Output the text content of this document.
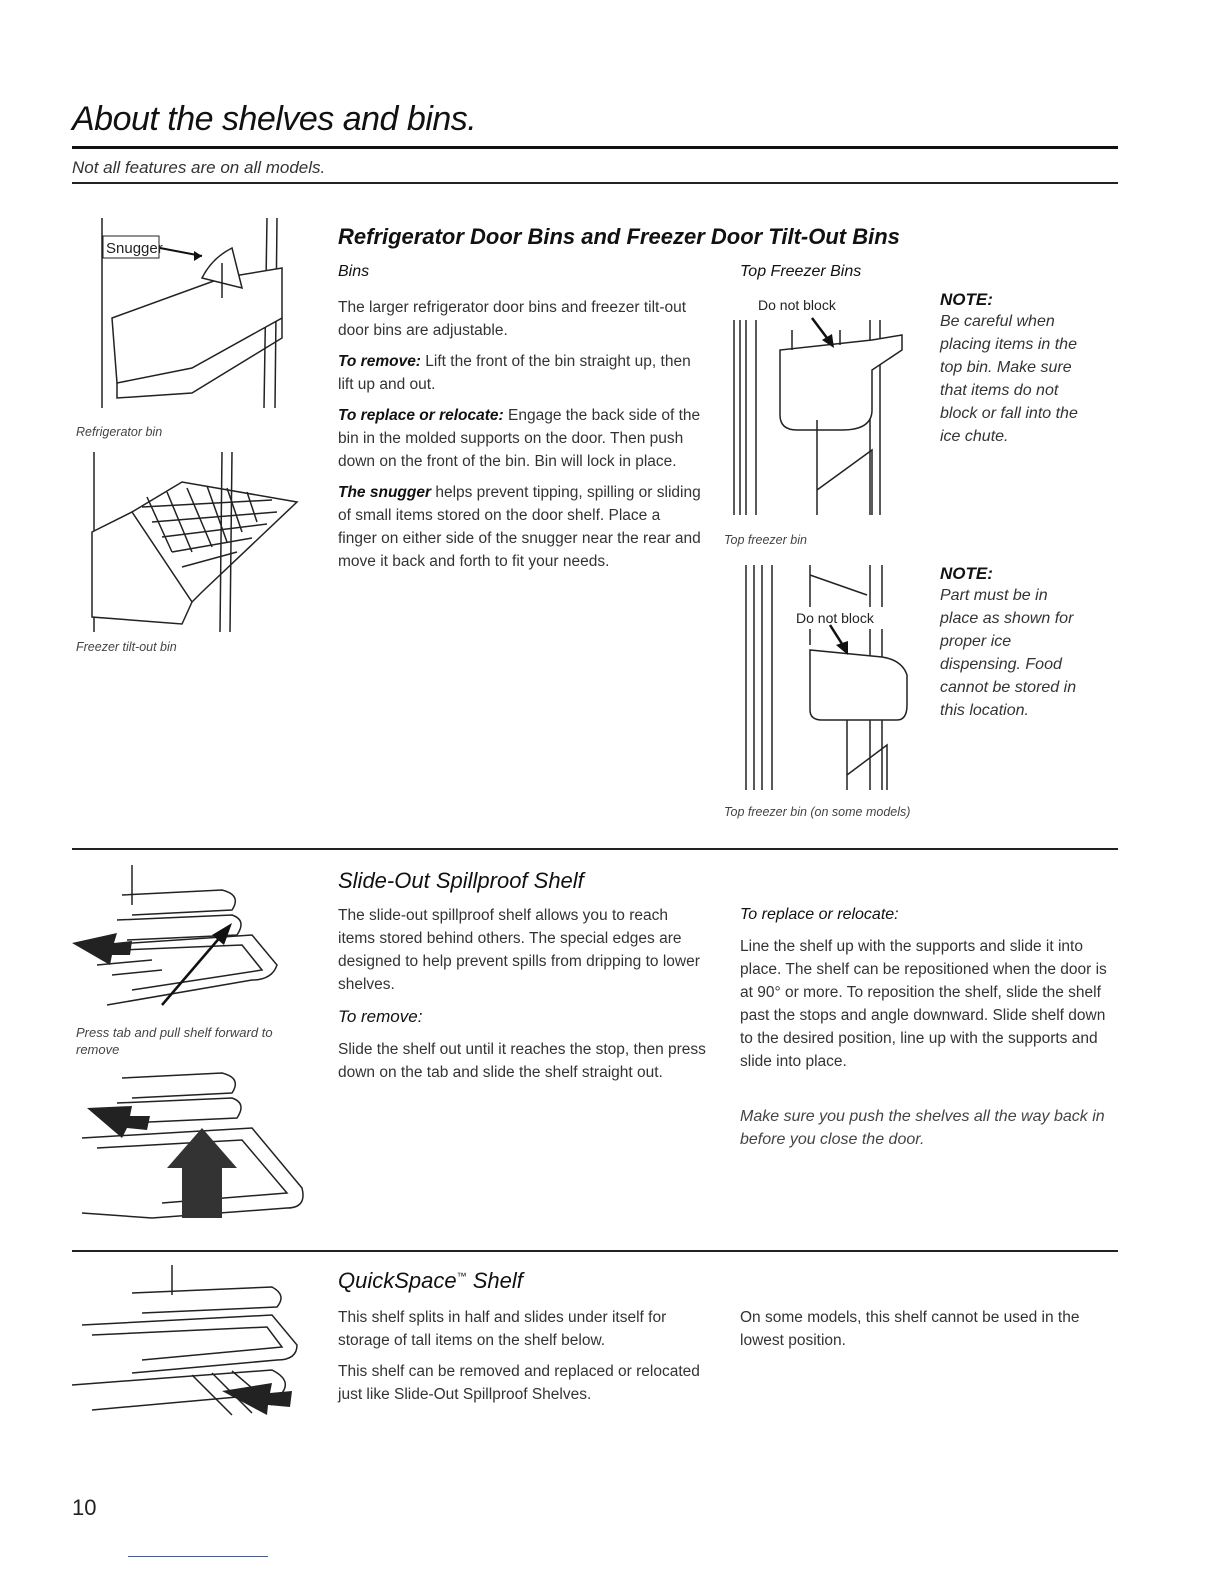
About the shelves and bins.
Not all features are on all models.
Snugger
Refrigerator bin
Freezer tilt-out bin
Refrigerator Door Bins and Freezer Door Tilt-Out Bins
Bins

The larger refrigerator door bins and freezer tilt-out door bins are adjustable.

To remove: Lift the front of the bin straight up, then lift up and out.

To replace or relocate: Engage the back side of the bin in the molded supports on the door. Then push down on the front of the bin. Bin will lock in place.

The snugger helps prevent tipping, spilling or sliding of small items stored on the door shelf. Place a finger on either side of the snugger near the rear and move it back and forth to fit your needs.

Top Freezer Bins
Do not block
Top freezer bin
NOTE:
Be careful when placing items in the top bin. Make sure that items do not block or fall into the ice chute.
Do not block
Top freezer bin (on some models)
NOTE:
Part must be in place as shown for proper ice dispensing. Food cannot be stored in this location.
Press tab and pull shelf forward to remove
Slide-Out Spillproof Shelf

The slide-out spillproof shelf allows you to reach items stored behind others. The special edges are designed to help prevent spills from dripping to lower shelves.

To remove:

Slide the shelf out until it reaches the stop, then press down on the tab and slide the shelf straight out.

To replace or relocate:

Line the shelf up with the supports and slide it into place. The shelf can be repositioned when the door is at 90° or more. To reposition the shelf, slide the shelf past the stops and angle downward. Slide shelf down to the desired position, line up with the supports and slide into place.

Make sure you push the shelves all the way back in before you close the door.
QuickSpace™ Shelf

This shelf splits in half and slides under itself for storage of tall items on the shelf below.

This shelf can be removed and replaced or relocated just like Slide-Out Spillproof Shelves.

On some models, this shelf cannot be used in the lowest position.

10
